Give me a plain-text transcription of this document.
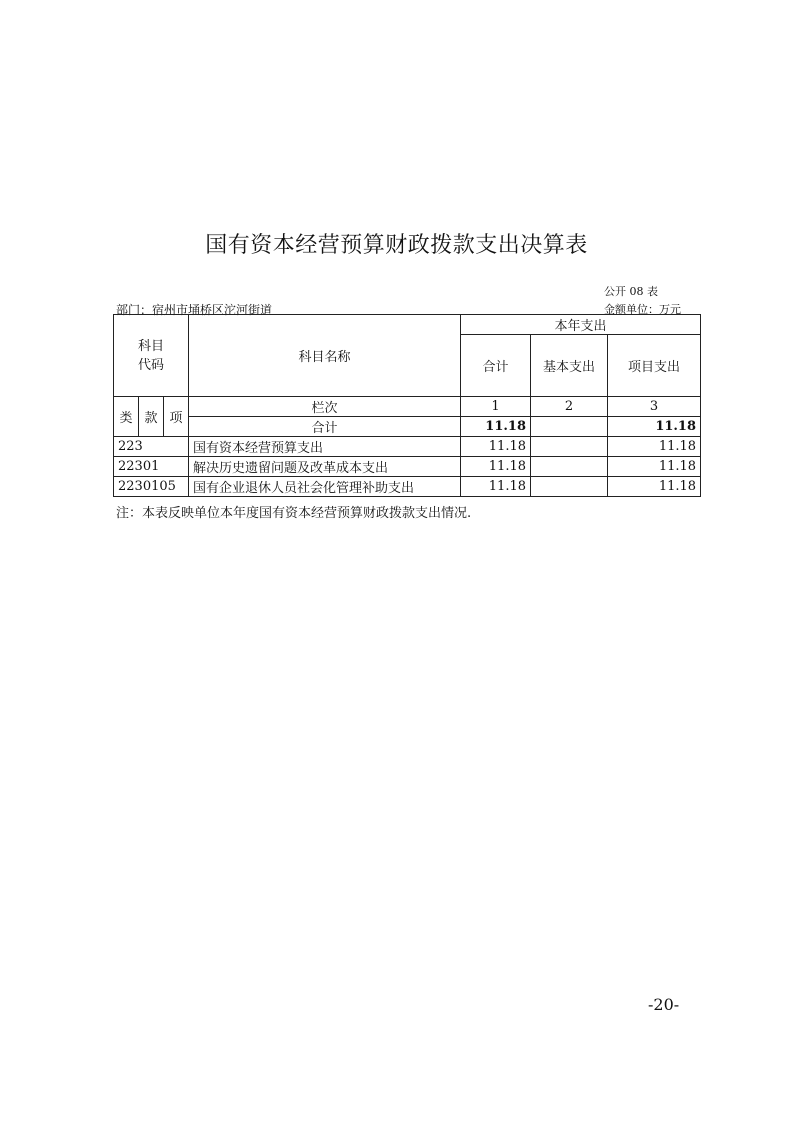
国有资本经营预算财政拨款支出决算表
公开 08 表
部门：宿州市埇桥区沱河街道	金额单位：万元
科目
代码			科目名称	本年支出		
				合计	基本支出	项目支出
类	款	项	栏次	1	2	3
			合计	11.18		11.18
223			国有资本经营预算支出	11.18		11.18
22301			解决历史遗留问题及改革成本支出	11.18		11.18
2230105			国有企业退休人员社会化管理补助支出	11.18		11.18
注：本表反映单位本年度国有资本经营预算财政拨款支出情况.
-20-
